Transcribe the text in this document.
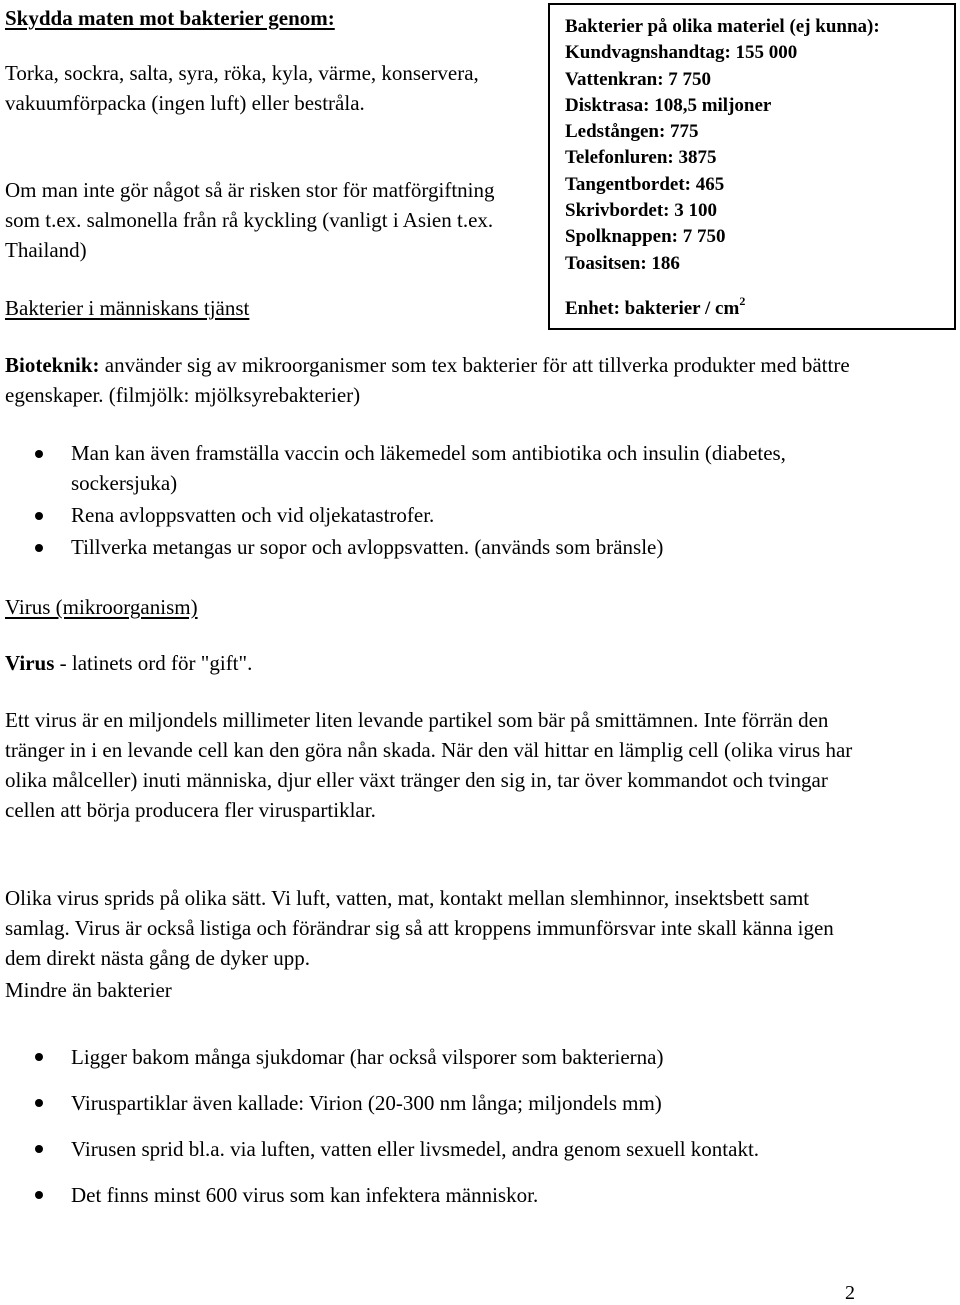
Skydda maten mot bakterier genom:

Torka, sockra, salta, syra, röka, kyla, värme, konservera, vakuumförpacka (ingen luft) eller bestråla.

Om man inte gör något så är risken stor för matförgiftning som t.ex. salmonella från rå kyckling (vanligt i Asien t.ex. Thailand)

Bakterier i människans tjänst
Bakterier på olika materiel (ej kunna):
Kundvagnshandtag: 155 000
Vattenkran: 7 750
Disktrasa: 108,5 miljoner
Ledstången: 775
Telefonluren: 3875
Tangentbordet: 465
Skrivbordet: 3 100
Spolknappen: 7 750
Toasitsen: 186
Enhet: bakterier / $cm^2$

Bioteknik: använder sig av mikroorganismer som tex bakterier för att tillverka produkter med bättre egenskaper. (filmjölk: mjölksyrebakterier)

Man kan även framställa vaccin och läkemedel som antibiotika och insulin (diabetes, sockersjuka)
Rena avloppsvatten och vid oljekatastrofer.
Tillverka metangas ur sopor och avloppsvatten. (används som bränsle)
Virus (mikroorganism)

Virus - latinets ord för "gift".

Ett virus är en miljondels millimeter liten levande partikel som bär på smittämnen. Inte förrän den tränger in i en levande cell kan den göra nån skada. När den väl hittar en lämplig cell (olika virus har olika målceller) inuti människa, djur eller växt tränger den sig in, tar över kommandot och tvingar cellen att börja producera fler viruspartiklar.

Olika virus sprids på olika sätt. Vi luft, vatten, mat, kontakt mellan slemhinnor, insektsbett samt samlag. Virus är också listiga och förändrar sig så att kroppens immunförsvar inte skall känna igen dem direkt nästa gång de dyker upp.

Mindre än bakterier

Ligger bakom många sjukdomar (har också vilsporer som bakterierna)
Viruspartiklar även kallade: Virion (20-300 nm långa; miljondels mm)
Virusen sprid bl.a. via luften, vatten eller livsmedel, andra genom sexuell kontakt.
Det finns minst 600 virus som kan infektera människor.
2
